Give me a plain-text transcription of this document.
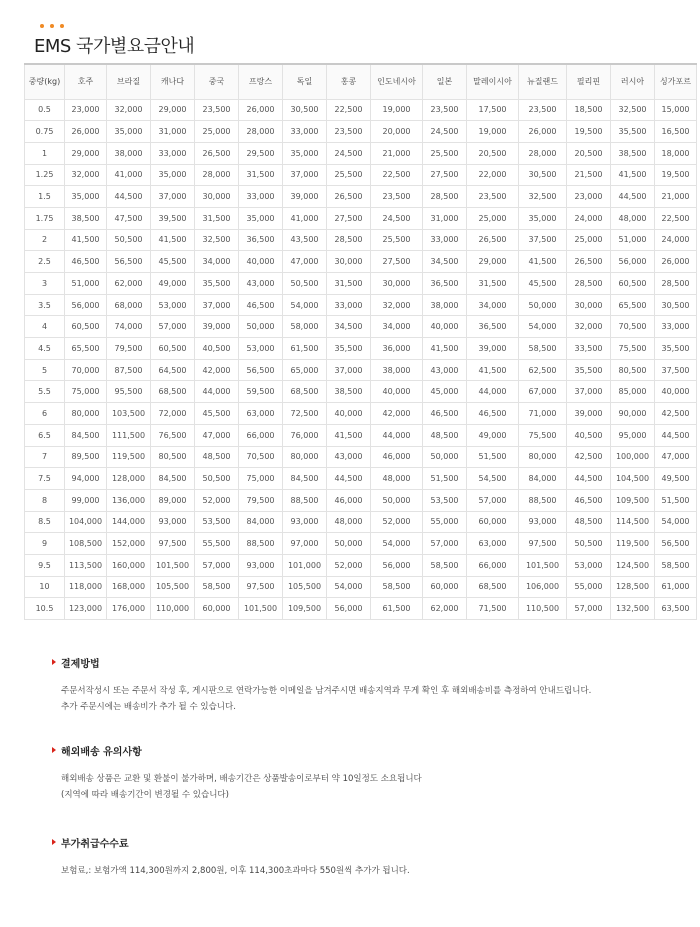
EMS 국가별요금안내
중량(kg)	호주	브라질	캐나다	중국	프랑스	독일	홍콩	인도네시아	일본	말레이시아	뉴질랜드	필리핀	러시아	싱가포르
0.5	23,000	32,000	29,000	23,500	26,000	30,500	22,500	19,000	23,500	17,500	23,500	18,500	32,500	15,000
0.75	26,000	35,000	31,000	25,000	28,000	33,000	23,500	20,000	24,500	19,000	26,000	19,500	35,500	16,500
1	29,000	38,000	33,000	26,500	29,500	35,000	24,500	21,000	25,500	20,500	28,000	20,500	38,500	18,000
1.25	32,000	41,000	35,000	28,000	31,500	37,000	25,500	22,500	27,500	22,000	30,500	21,500	41,500	19,500
1.5	35,000	44,500	37,000	30,000	33,000	39,000	26,500	23,500	28,500	23,500	32,500	23,000	44,500	21,000
1.75	38,500	47,500	39,500	31,500	35,000	41,000	27,500	24,500	31,000	25,000	35,000	24,000	48,000	22,500
2	41,500	50,500	41,500	32,500	36,500	43,500	28,500	25,500	33,000	26,500	37,500	25,000	51,000	24,000
2.5	46,500	56,500	45,500	34,000	40,000	47,000	30,000	27,500	34,500	29,000	41,500	26,500	56,000	26,000
3	51,000	62,000	49,000	35,500	43,000	50,500	31,500	30,000	36,500	31,500	45,500	28,500	60,500	28,500
3.5	56,000	68,000	53,000	37,000	46,500	54,000	33,000	32,000	38,000	34,000	50,000	30,000	65,500	30,500
4	60,500	74,000	57,000	39,000	50,000	58,000	34,500	34,000	40,000	36,500	54,000	32,000	70,500	33,000
4.5	65,500	79,500	60,500	40,500	53,000	61,500	35,500	36,000	41,500	39,000	58,500	33,500	75,500	35,500
5	70,000	87,500	64,500	42,000	56,500	65,000	37,000	38,000	43,000	41,500	62,500	35,500	80,500	37,500
5.5	75,000	95,500	68,500	44,000	59,500	68,500	38,500	40,000	45,000	44,000	67,000	37,000	85,000	40,000
6	80,000	103,500	72,000	45,500	63,000	72,500	40,000	42,000	46,500	46,500	71,000	39,000	90,000	42,500
6.5	84,500	111,500	76,500	47,000	66,000	76,000	41,500	44,000	48,500	49,000	75,500	40,500	95,000	44,500
7	89,500	119,500	80,500	48,500	70,500	80,000	43,000	46,000	50,000	51,500	80,000	42,500	100,000	47,000
7.5	94,000	128,000	84,500	50,500	75,000	84,500	44,500	48,000	51,500	54,500	84,000	44,500	104,500	49,500
8	99,000	136,000	89,000	52,000	79,500	88,500	46,000	50,000	53,500	57,000	88,500	46,500	109,500	51,500
8.5	104,000	144,000	93,000	53,500	84,000	93,000	48,000	52,000	55,000	60,000	93,000	48,500	114,500	54,000
9	108,500	152,000	97,500	55,500	88,500	97,000	50,000	54,000	57,000	63,000	97,500	50,500	119,500	56,500
9.5	113,500	160,000	101,500	57,000	93,000	101,000	52,000	56,000	58,500	66,000	101,500	53,000	124,500	58,500
10	118,000	168,000	105,500	58,500	97,500	105,500	54,000	58,500	60,000	68,500	106,000	55,000	128,500	61,000
10.5	123,000	176,000	110,000	60,000	101,500	109,500	56,000	61,500	62,000	71,500	110,500	57,000	132,500	63,500
결제방법
주문서작성시 또는 주문서 작성 후, 게시판으로 연락가능한 이메일을 남겨주시면 배송지역과 무게 확인 후 해외배송비를 측정하여 안내드립니다.
추가 주문시에는 배송비가 추가 될 수 있습니다.
해외배송 유의사항
해외배송 상품은 교환 및 환불이 불가하며, 배송기간은 상품발송이로부터 약 10일정도 소요됩니다
(지역에 따라 배송기간이 변경될 수 있습니다)
부가취급수수료
보험료,: 보험가액 114,300원까지 2,800원, 이후 114,300초과마다 550원씩 추가가 됩니다.
